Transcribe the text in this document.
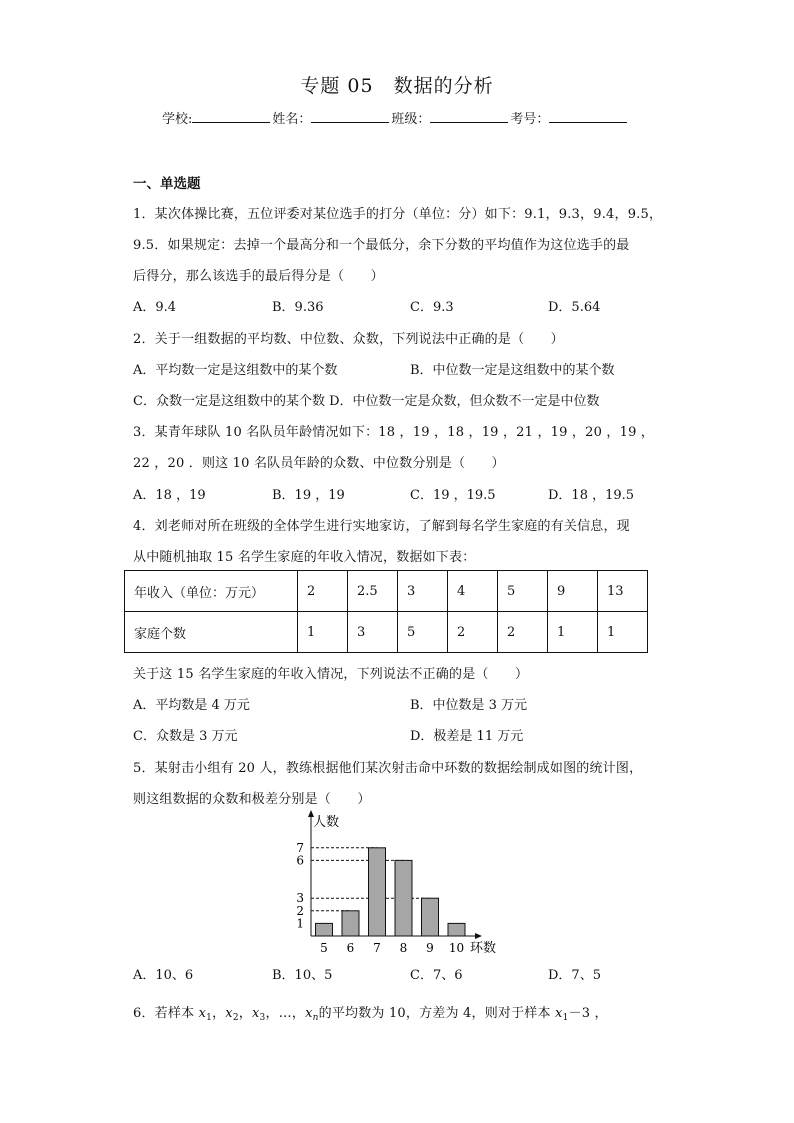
专题 05　数据的分析
学校:	姓名：	班级：	考号：
一、单选题
1．某次体操比赛，五位评委对某位选手的打分（单位：分）如下：9.1，9.3，9.4，9.5，
9.5．如果规定：去掉一个最高分和一个最低分，余下分数的平均值作为这位选手的最
后得分，那么该选手的最后得分是（　　）
A．9.4	B．9.36	C．9.3	D．5.64
2．关于一组数据的平均数、中位数、众数，下列说法中正确的是（　　）
A．平均数一定是这组数中的某个数	B．中位数一定是这组数中的某个数
C．众数一定是这组数中的某个数 D．中位数一定是众数，但众数不一定是中位数
3．某青年球队 10 名队员年龄情况如下：18 ，19 ，18 ，19 ，21 ，19 ，20 ，19 ，
22 ，20 ．则这 10 名队员年龄的众数、中位数分别是（　　）
A．18 ，19	B．19 ，19	C．19 ，19.5	D．18 ，19.5
4．刘老师对所在班级的全体学生进行实地家访，了解到每名学生家庭的有关信息，现
从中随机抽取 15 名学生家庭的年收入情况，数据如下表：
年收入（单位：万元）	2	2.5	3	4	5	9	13
家庭个数	1	3	5	2	2	1	1
关于这 15 名学生家庭的年收入情况，下列说法不正确的是（　　）
A．平均数是 4 万元	B．中位数是 3 万元
C．众数是 3 万元	D．极差是 11 万元
5．某射击小组有 20 人，教练根据他们某次射击命中环数的数据绘制成如图的统计图，
则这组数据的众数和极差分别是（　　）
人数
环数
5 6 7 8 9 10
1
2
3
6
7
A．10、6	B．10、5	C．7、6	D．7、5
6．若样本 $x_1$，$x_2$，$x_3$，…，$x_n$的平均数为 10，方差为 4，则对于样本 $x_1-3$ ，
